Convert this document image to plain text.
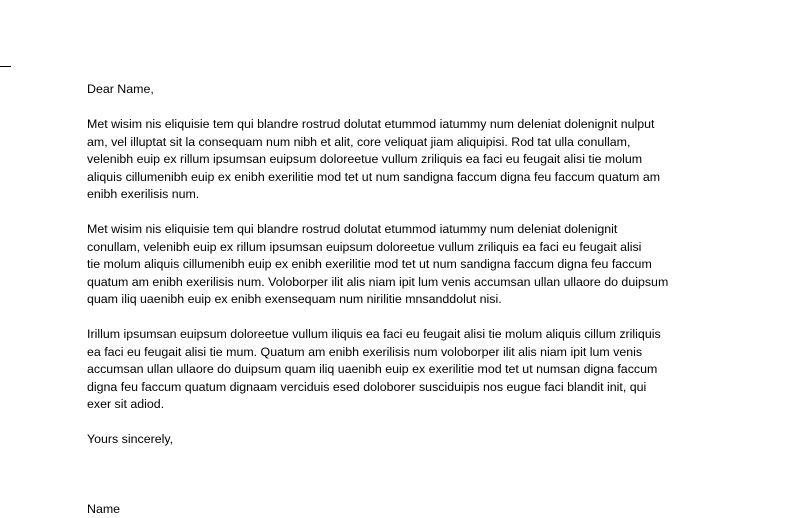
Dear Name,

Met wisim nis eliquisie tem qui blandre rostrud dolutat etummod iatummy num deleniat dolenignit nulput
am, vel illuptat sit la consequam num nibh et alit, core veliquat jiam aliquipisi. Rod tat ulla conullam,
velenibh euip ex rillum ipsumsan euipsum doloreetue vullum zriliquis ea faci eu feugait alisi tie molum
aliquis cillumenibh euip ex enibh exerilitie mod tet ut num sandigna faccum digna feu faccum quatum am
enibh exerilisis num.

Met wisim nis eliquisie tem qui blandre rostrud dolutat etummod iatummy num deleniat dolenignit
conullam, velenibh euip ex rillum ipsumsan euipsum doloreetue vullum zriliquis ea faci eu feugait alisi
tie molum aliquis cillumenibh euip ex enibh exerilitie mod tet ut num sandigna faccum digna feu faccum
quatum am enibh exerilisis num. Voloborper ilit alis niam ipit lum venis accumsan ullan ullaore do duipsum
quam iliq uaenibh euip ex enibh exensequam num nirilitie mnsanddolut nisi.

Irillum ipsumsan euipsum doloreetue vullum iliquis ea faci eu feugait alisi tie molum aliquis cillum zriliquis
ea faci eu feugait alisi tie mum. Quatum am enibh exerilisis num voloborper ilit alis niam ipit lum venis
accumsan ullan ullaore do duipsum quam iliq uaenibh euip ex exerilitie mod tet ut numsan digna faccum
digna feu faccum quatum dignaam verciduis esed doloborer susciduipis nos eugue faci blandit init, qui
exer sit adiod.

Yours sincerely,

Name
